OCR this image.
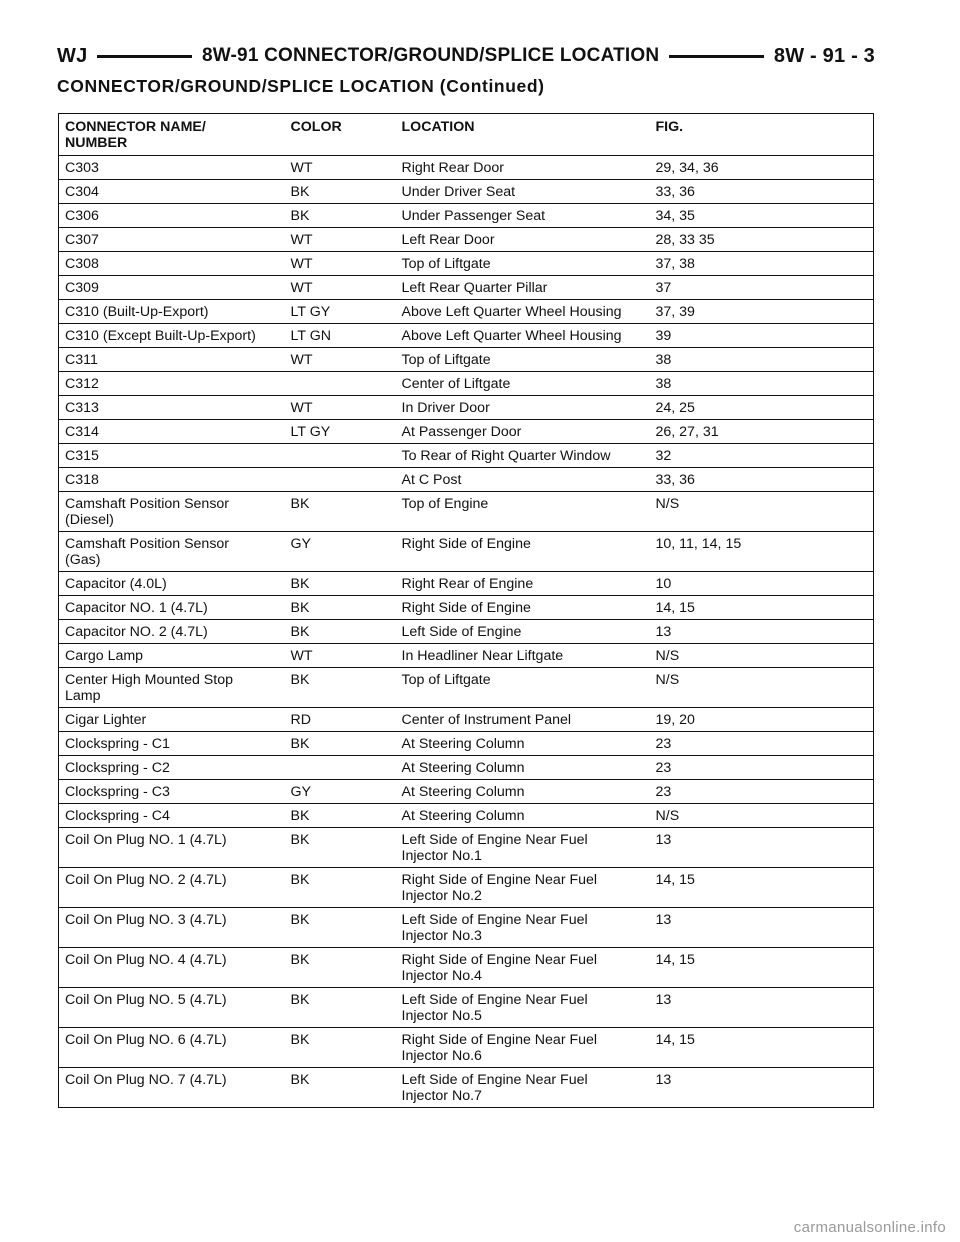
WJ	8W-91 CONNECTOR/GROUND/SPLICE LOCATION	8W - 91 - 3
CONNECTOR/GROUND/SPLICE LOCATION (Continued)
CONNECTOR NAME/
NUMBER	COLOR	LOCATION	FIG.
C303	WT	Right Rear Door	29, 34, 36
C304	BK	Under Driver Seat	33, 36
C306	BK	Under Passenger Seat	34, 35
C307	WT	Left Rear Door	28, 33 35
C308	WT	Top of Liftgate	37, 38
C309	WT	Left Rear Quarter Pillar	37
C310 (Built-Up-Export)	LT GY	Above Left Quarter Wheel Housing	37, 39
C310 (Except Built-Up-Export)	LT GN	Above Left Quarter Wheel Housing	39
C311	WT	Top of Liftgate	38
C312		Center of Liftgate	38
C313	WT	In Driver Door	24, 25
C314	LT GY	At Passenger Door	26, 27, 31
C315		To Rear of Right Quarter Window	32
C318		At C Post	33, 36
Camshaft Position Sensor
(Diesel)	BK	Top of Engine	N/S
Camshaft Position Sensor
(Gas)	GY	Right Side of Engine	10, 11, 14, 15
Capacitor (4.0L)	BK	Right Rear of Engine	10
Capacitor NO. 1 (4.7L)	BK	Right Side of Engine	14, 15
Capacitor NO. 2 (4.7L)	BK	Left Side of Engine	13
Cargo Lamp	WT	In Headliner Near Liftgate	N/S
Center High Mounted Stop
Lamp	BK	Top of Liftgate	N/S
Cigar Lighter	RD	Center of Instrument Panel	19, 20
Clockspring - C1	BK	At Steering Column	23
Clockspring - C2		At Steering Column	23
Clockspring - C3	GY	At Steering Column	23
Clockspring - C4	BK	At Steering Column	N/S
Coil On Plug NO. 1 (4.7L)	BK	Left Side of Engine Near Fuel
Injector No.1	13
Coil On Plug NO. 2 (4.7L)	BK	Right Side of Engine Near Fuel
Injector No.2	14, 15
Coil On Plug NO. 3 (4.7L)	BK	Left Side of Engine Near Fuel
Injector No.3	13
Coil On Plug NO. 4 (4.7L)	BK	Right Side of Engine Near Fuel
Injector No.4	14, 15
Coil On Plug NO. 5 (4.7L)	BK	Left Side of Engine Near Fuel
Injector No.5	13
Coil On Plug NO. 6 (4.7L)	BK	Right Side of Engine Near Fuel
Injector No.6	14, 15
Coil On Plug NO. 7 (4.7L)	BK	Left Side of Engine Near Fuel
Injector No.7	13
carmanualsonline.info
